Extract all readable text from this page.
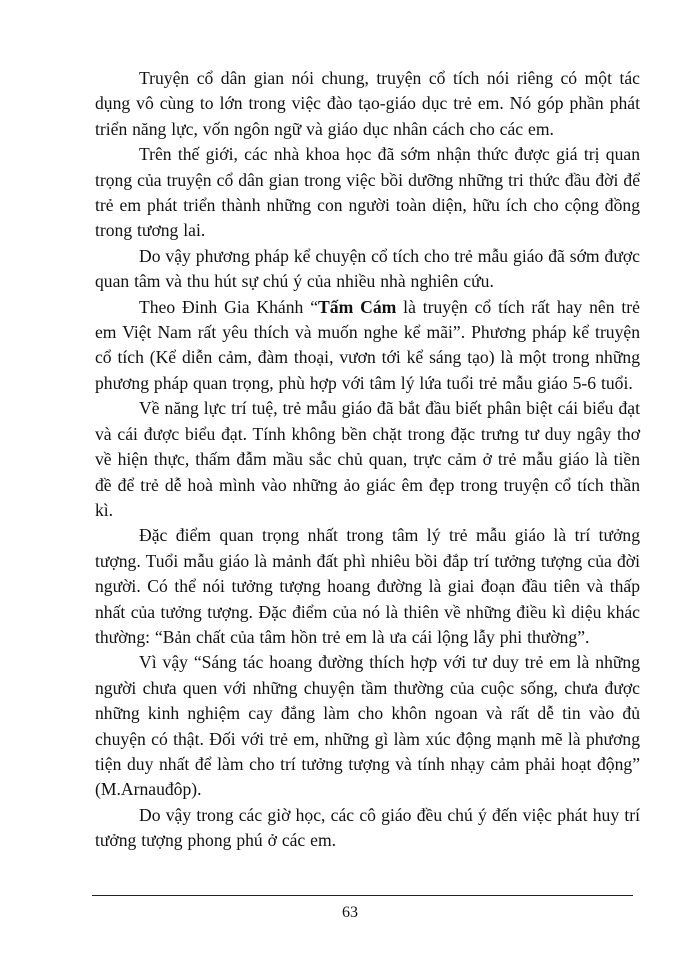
Truyện cổ dân gian nói chung, truyện cổ tích nói riêng có một tác dụng vô cùng to lớn trong việc đào tạo-giáo dục trẻ em. Nó góp phần phát triển năng lực, vốn ngôn ngữ và giáo dục nhân cách cho các em.

Trên thế giới, các nhà khoa học đã sớm nhận thức được giá trị quan trọng của truyện cổ dân gian trong việc bồi dưỡng những tri thức đầu đời để trẻ em phát triển thành những con người toàn diện, hữu ích cho cộng đồng trong tương lai.

Do vậy phương pháp kể chuyện cổ tích cho trẻ mẫu giáo đã sớm được quan tâm và thu hút sự chú ý của nhiều nhà nghiên cứu.

Theo Đinh Gia Khánh “Tấm Cám là truyện cổ tích rất hay nên trẻ em Việt Nam rất yêu thích và muốn nghe kể mãi”. Phương pháp kể truyện cổ tích (Kể diễn cảm, đàm thoại, vươn tới kể sáng tạo) là một trong những phương pháp quan trọng, phù hợp với tâm lý lứa tuổi trẻ mẫu giáo 5-6 tuổi.

Về năng lực trí tuệ, trẻ mẫu giáo đã bắt đầu biết phân biệt cái biểu đạt và cái được biểu đạt. Tính không bền chặt trong đặc trưng tư duy ngây thơ về hiện thực, thấm đẫm mầu sắc chủ quan, trực cảm ở trẻ mẫu giáo là tiền đề để trẻ dễ hoà mình vào những ảo giác êm đẹp trong truyện cổ tích thần kì.

Đặc điểm quan trọng nhất trong tâm lý trẻ mẫu giáo là trí tưởng tượng. Tuổi mẫu giáo là mảnh đất phì nhiêu bồi đắp trí tưởng tượng của đời người. Có thể nói tưởng tượng hoang đường là giai đoạn đầu tiên và thấp nhất của tưởng tượng. Đặc điểm của nó là thiên về những điều kì diệu khác thường: “Bản chất của tâm hồn trẻ em là ưa cái lộng lẫy phi thường”.

Vì vậy “Sáng tác hoang đường thích hợp với tư duy trẻ em là những người chưa quen với những chuyện tầm thường của cuộc sống, chưa được những kinh nghiệm cay đắng làm cho khôn ngoan và rất dễ tin vào đủ chuyện có thật. Đối với trẻ em, những gì làm xúc động mạnh mẽ là phương tiện duy nhất để làm cho trí tưởng tượng và tính nhạy cảm phải hoạt động” (M.Arnauđôp).

Do vậy trong các giờ học, các cô giáo đều chú ý đến việc phát huy trí tưởng tượng phong phú ở các em.

63
